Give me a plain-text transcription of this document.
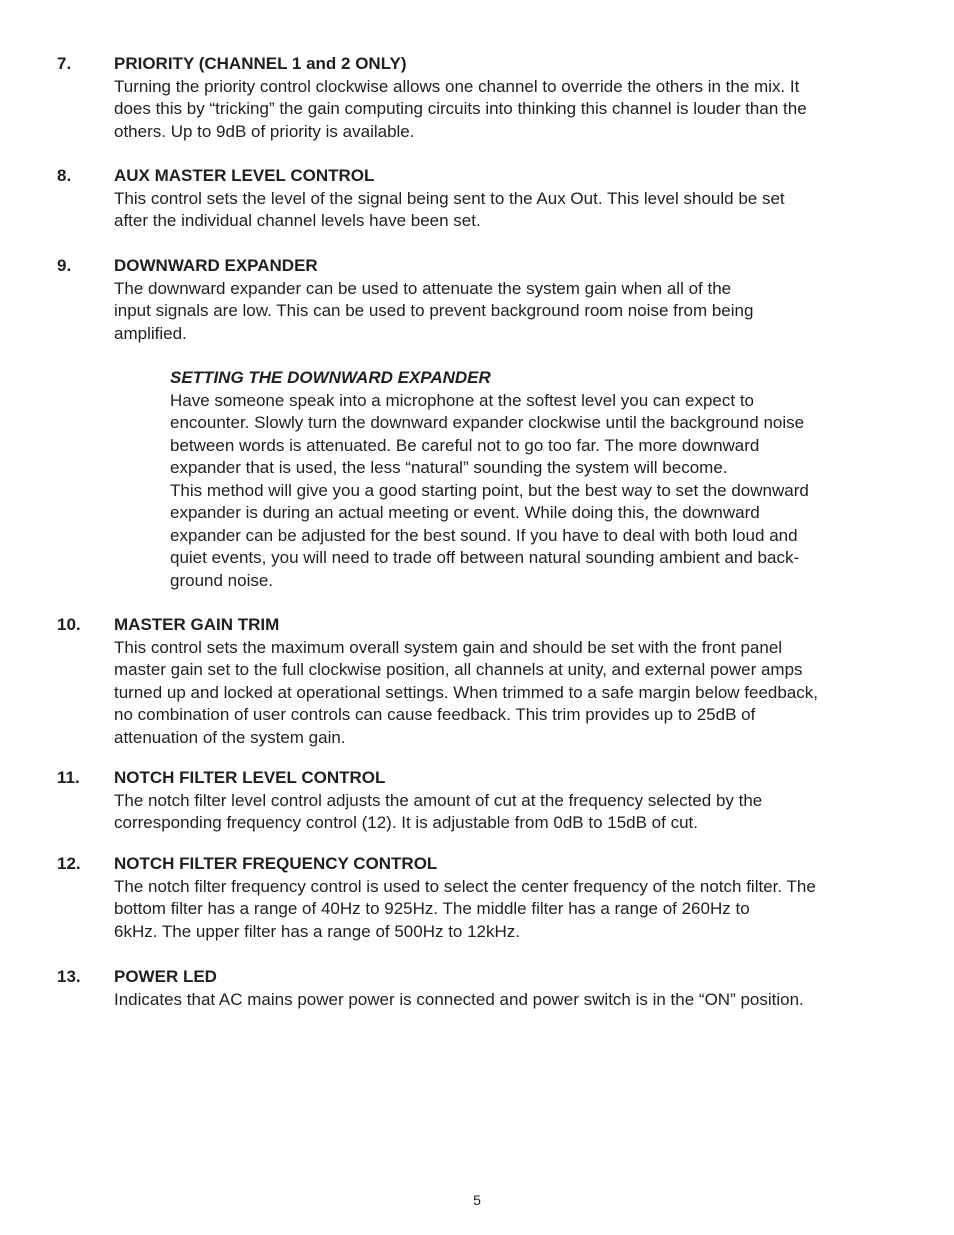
7.	PRIORITY (CHANNEL 1 and 2 ONLY)
Turning the priority control clockwise allows one channel to override the others in the mix. It
does this by “tricking” the gain computing circuits into thinking this channel is louder than the
others. Up to 9dB of priority is available.
8.	AUX MASTER LEVEL CONTROL
This control sets the level of the signal being sent to the Aux Out. This level should be set
after the individual channel levels have been set.
9.	DOWNWARD EXPANDER
The downward expander can be used to attenuate the system gain when all of the
input signals are low. This can be used to prevent background room noise from being
amplified.
SETTING THE DOWNWARD EXPANDER
Have someone speak into a microphone at the softest level you can expect to
encounter. Slowly turn the downward expander clockwise until the background noise
between words is attenuated. Be careful not to go too far. The more downward
expander that is used, the less “natural” sounding the system will become.
This method will give you a good starting point, but the best way to set the downward
expander is during an actual meeting or event. While doing this, the downward
expander can be adjusted for the best sound. If you have to deal with both loud and
quiet events, you will need to trade off between natural sounding ambient and back-
ground noise.
10. MASTER GAIN TRIM
This control sets the maximum overall system gain and should be set with the front panel
master gain set to the full clockwise position, all channels at unity, and external power amps
turned up and locked at operational settings. When trimmed to a safe margin below feedback,
no combination of user controls can cause feedback. This trim provides up to 25dB of
attenuation of the system gain.
11. NOTCH FILTER LEVEL CONTROL
The notch filter level control adjusts the amount of cut at the frequency selected by the
corresponding frequency control (12). It is adjustable from 0dB to 15dB of cut.
12. NOTCH FILTER FREQUENCY CONTROL
The notch filter frequency control is used to select the center frequency of the notch filter. The
bottom filter has a range of 40Hz to 925Hz. The middle filter has a range of 260Hz to
6kHz. The upper filter has a range of 500Hz to 12kHz.
13. POWER LED
Indicates that AC mains power power is connected and power switch is in the “ON” position.
5
